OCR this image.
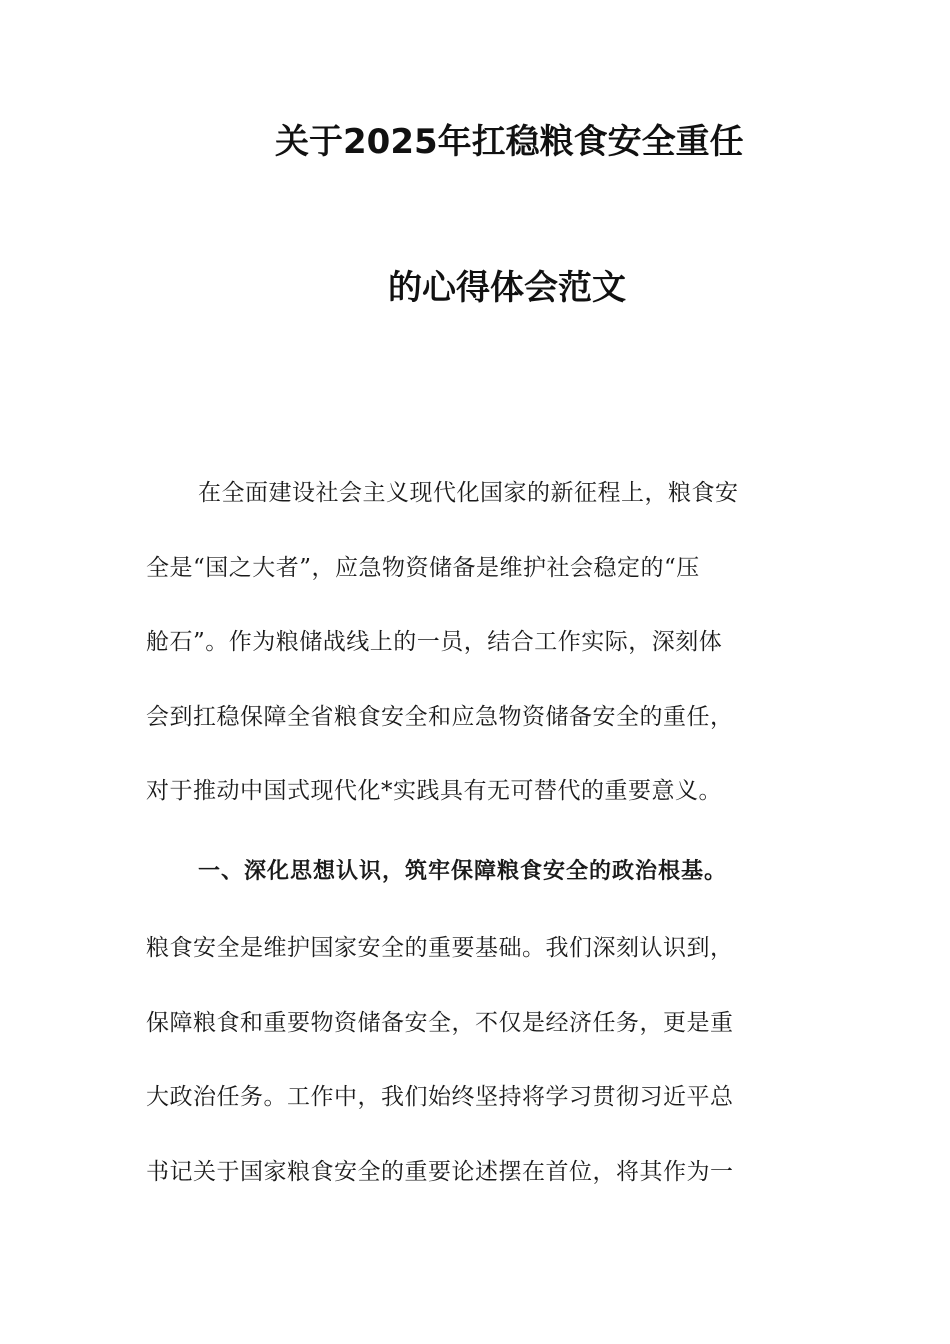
关于2025年扛稳粮食安全重任
的心得体会范文
在全面建设社会主义现代化国家的新征程上，粮食安
全是“国之大者”，应急物资储备是维护社会稳定的“压
舱石”。作为粮储战线上的一员，结合工作实际，深刻体
会到扛稳保障全省粮食安全和应急物资储备安全的重任，
对于推动中国式现代化*实践具有无可替代的重要意义。
一、深化思想认识，筑牢保障粮食安全的政治根基。
粮食安全是维护国家安全的重要基础。我们深刻认识到，
保障粮食和重要物资储备安全，不仅是经济任务，更是重
大政治任务。工作中，我们始终坚持将学习贯彻习近平总
书记关于国家粮食安全的重要论述摆在首位，将其作为一
